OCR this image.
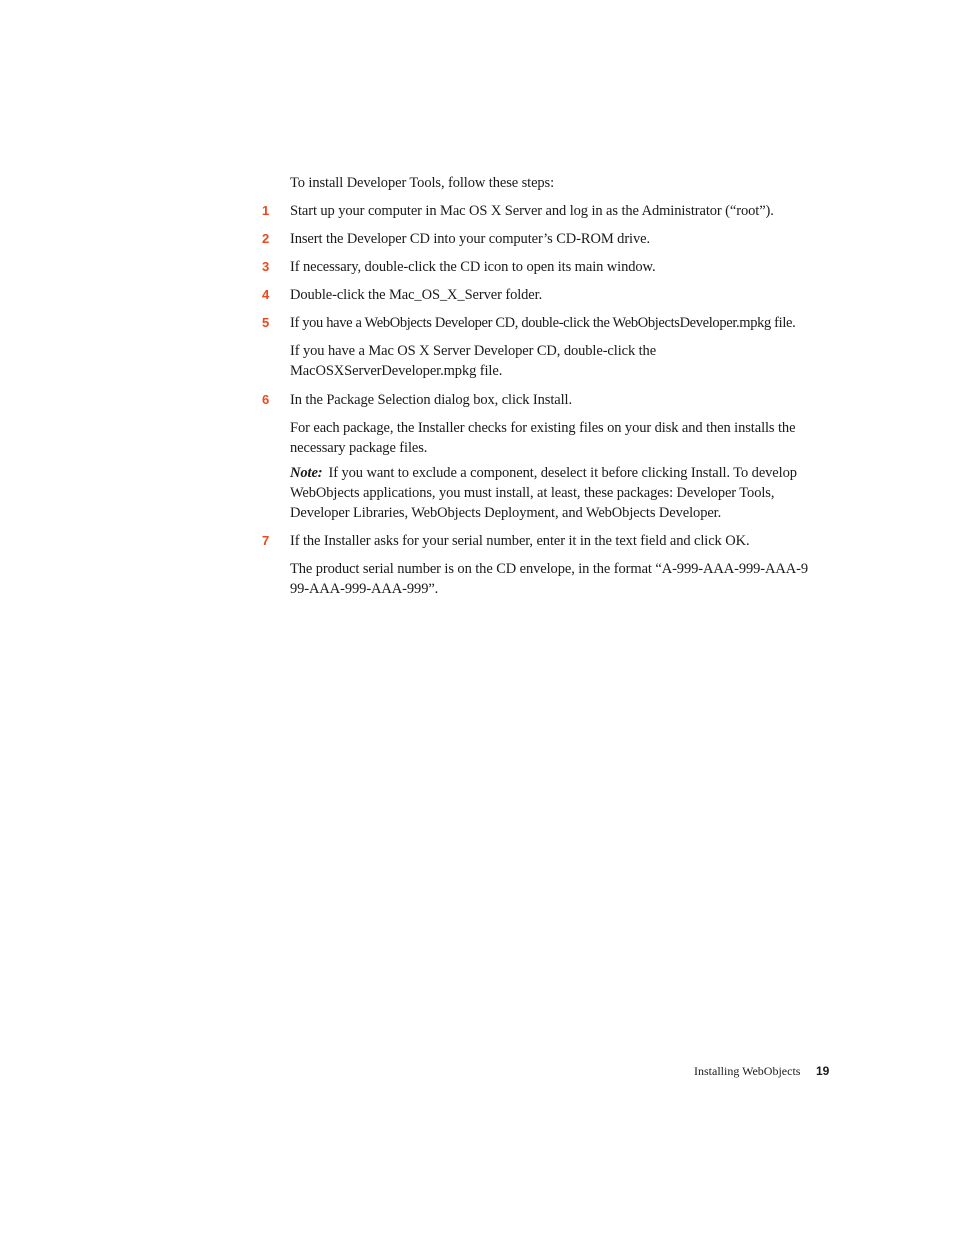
To install Developer Tools, follow these steps:
1	Start up your computer in Mac OS X Server and log in as the Administrator (“root”).
2	Insert the Developer CD into your computer’s CD-ROM drive.
3	If necessary, double-click the CD icon to open its main window.
4	Double-click the Mac_OS_X_Server folder.
5	If you have a WebObjects Developer CD, double-click the WebObjectsDeveloper.mpkg file.
If you have a Mac OS X Server Developer CD, double-click the
MacOSXServerDeveloper.mpkg file.
6	In the Package Selection dialog box, click Install.
For each package, the Installer checks for existing files on your disk and then installs the necessary package files.
Note: If you want to exclude a component, deselect it before clicking Install. To develop WebObjects applications, you must install, at least, these packages: Developer Tools, Developer Libraries, WebObjects Deployment, and WebObjects Developer.
7	If the Installer asks for your serial number, enter it in the text field and click OK.
The product serial number is on the CD envelope, in the format “A-999-AAA-999-AAA-999-AAA-999-AAA-999”.
Installing WebObjects 19
